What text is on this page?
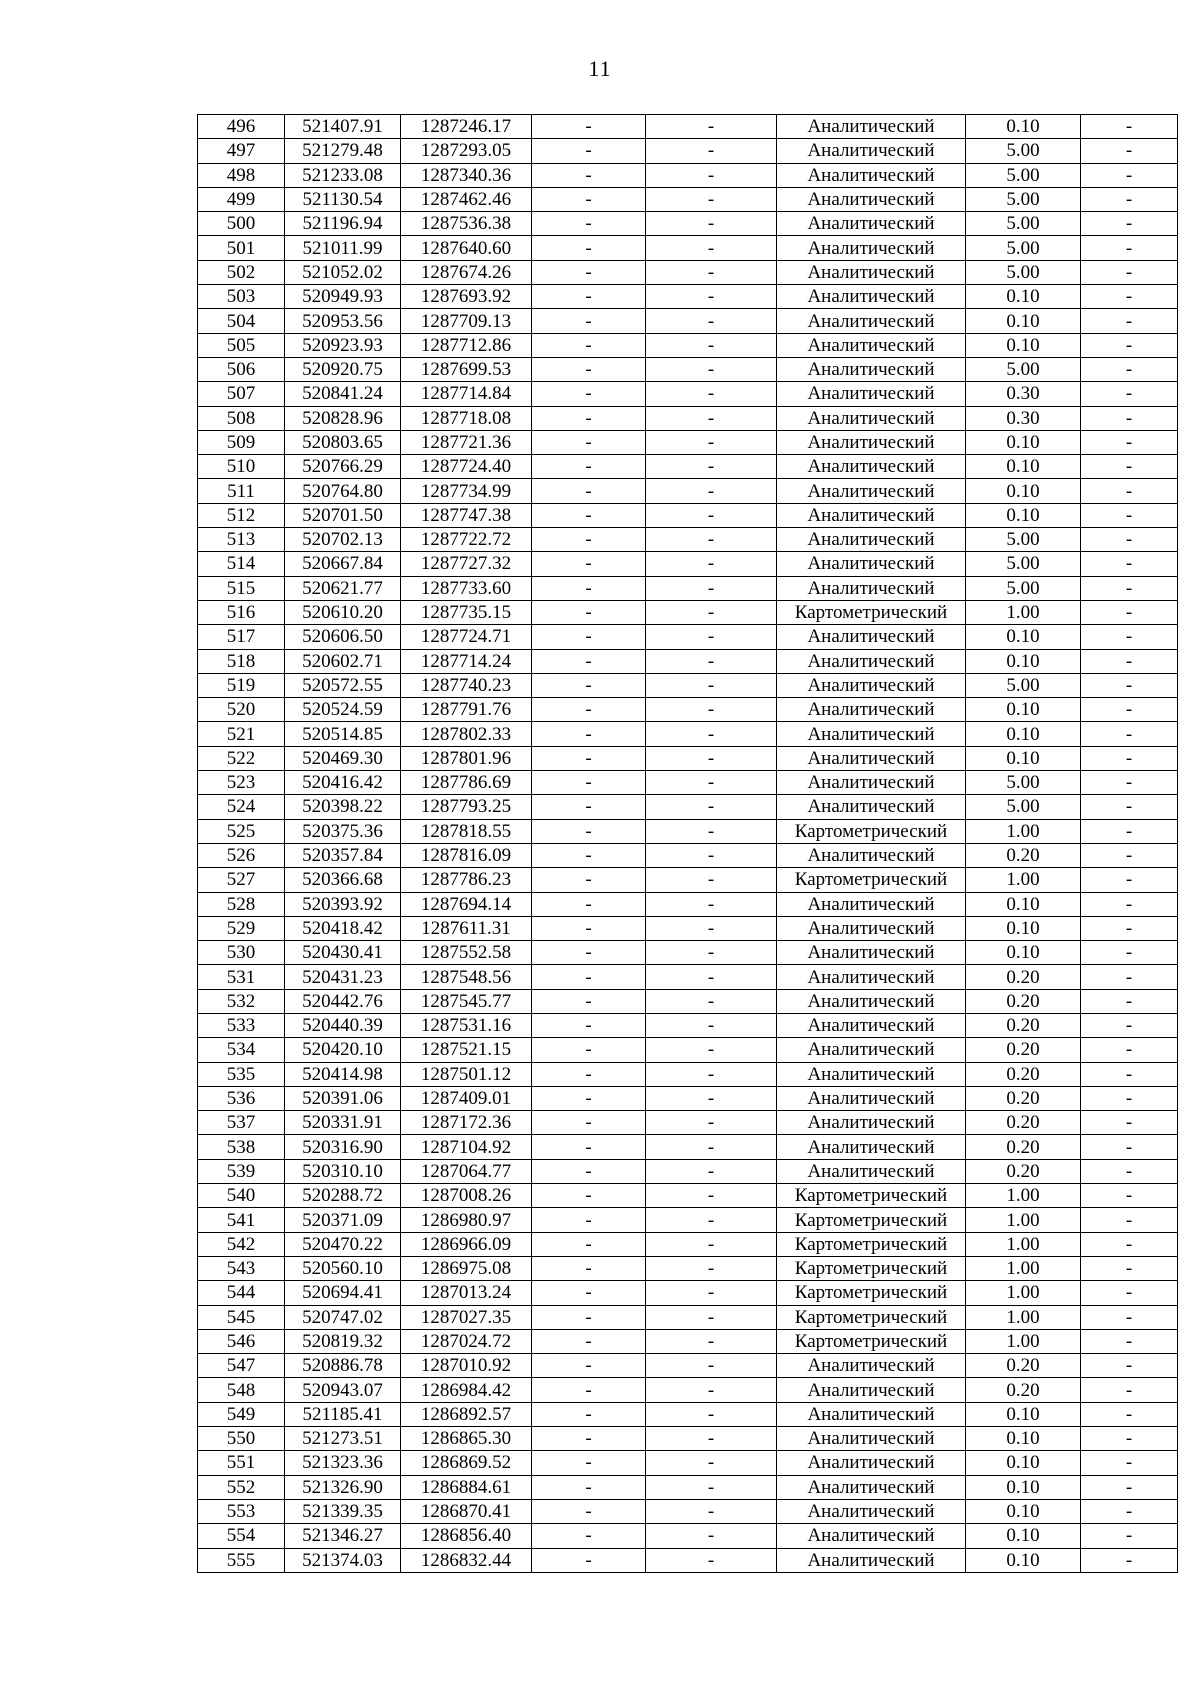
11
496	521407.91	1287246.17	-	-	Аналитический	0.10	-
497	521279.48	1287293.05	-	-	Аналитический	5.00	-
498	521233.08	1287340.36	-	-	Аналитический	5.00	-
499	521130.54	1287462.46	-	-	Аналитический	5.00	-
500	521196.94	1287536.38	-	-	Аналитический	5.00	-
501	521011.99	1287640.60	-	-	Аналитический	5.00	-
502	521052.02	1287674.26	-	-	Аналитический	5.00	-
503	520949.93	1287693.92	-	-	Аналитический	0.10	-
504	520953.56	1287709.13	-	-	Аналитический	0.10	-
505	520923.93	1287712.86	-	-	Аналитический	0.10	-
506	520920.75	1287699.53	-	-	Аналитический	5.00	-
507	520841.24	1287714.84	-	-	Аналитический	0.30	-
508	520828.96	1287718.08	-	-	Аналитический	0.30	-
509	520803.65	1287721.36	-	-	Аналитический	0.10	-
510	520766.29	1287724.40	-	-	Аналитический	0.10	-
511	520764.80	1287734.99	-	-	Аналитический	0.10	-
512	520701.50	1287747.38	-	-	Аналитический	0.10	-
513	520702.13	1287722.72	-	-	Аналитический	5.00	-
514	520667.84	1287727.32	-	-	Аналитический	5.00	-
515	520621.77	1287733.60	-	-	Аналитический	5.00	-
516	520610.20	1287735.15	-	-	Картометрический	1.00	-
517	520606.50	1287724.71	-	-	Аналитический	0.10	-
518	520602.71	1287714.24	-	-	Аналитический	0.10	-
519	520572.55	1287740.23	-	-	Аналитический	5.00	-
520	520524.59	1287791.76	-	-	Аналитический	0.10	-
521	520514.85	1287802.33	-	-	Аналитический	0.10	-
522	520469.30	1287801.96	-	-	Аналитический	0.10	-
523	520416.42	1287786.69	-	-	Аналитический	5.00	-
524	520398.22	1287793.25	-	-	Аналитический	5.00	-
525	520375.36	1287818.55	-	-	Картометрический	1.00	-
526	520357.84	1287816.09	-	-	Аналитический	0.20	-
527	520366.68	1287786.23	-	-	Картометрический	1.00	-
528	520393.92	1287694.14	-	-	Аналитический	0.10	-
529	520418.42	1287611.31	-	-	Аналитический	0.10	-
530	520430.41	1287552.58	-	-	Аналитический	0.10	-
531	520431.23	1287548.56	-	-	Аналитический	0.20	-
532	520442.76	1287545.77	-	-	Аналитический	0.20	-
533	520440.39	1287531.16	-	-	Аналитический	0.20	-
534	520420.10	1287521.15	-	-	Аналитический	0.20	-
535	520414.98	1287501.12	-	-	Аналитический	0.20	-
536	520391.06	1287409.01	-	-	Аналитический	0.20	-
537	520331.91	1287172.36	-	-	Аналитический	0.20	-
538	520316.90	1287104.92	-	-	Аналитический	0.20	-
539	520310.10	1287064.77	-	-	Аналитический	0.20	-
540	520288.72	1287008.26	-	-	Картометрический	1.00	-
541	520371.09	1286980.97	-	-	Картометрический	1.00	-
542	520470.22	1286966.09	-	-	Картометрический	1.00	-
543	520560.10	1286975.08	-	-	Картометрический	1.00	-
544	520694.41	1287013.24	-	-	Картометрический	1.00	-
545	520747.02	1287027.35	-	-	Картометрический	1.00	-
546	520819.32	1287024.72	-	-	Картометрический	1.00	-
547	520886.78	1287010.92	-	-	Аналитический	0.20	-
548	520943.07	1286984.42	-	-	Аналитический	0.20	-
549	521185.41	1286892.57	-	-	Аналитический	0.10	-
550	521273.51	1286865.30	-	-	Аналитический	0.10	-
551	521323.36	1286869.52	-	-	Аналитический	0.10	-
552	521326.90	1286884.61	-	-	Аналитический	0.10	-
553	521339.35	1286870.41	-	-	Аналитический	0.10	-
554	521346.27	1286856.40	-	-	Аналитический	0.10	-
555	521374.03	1286832.44	-	-	Аналитический	0.10	-
